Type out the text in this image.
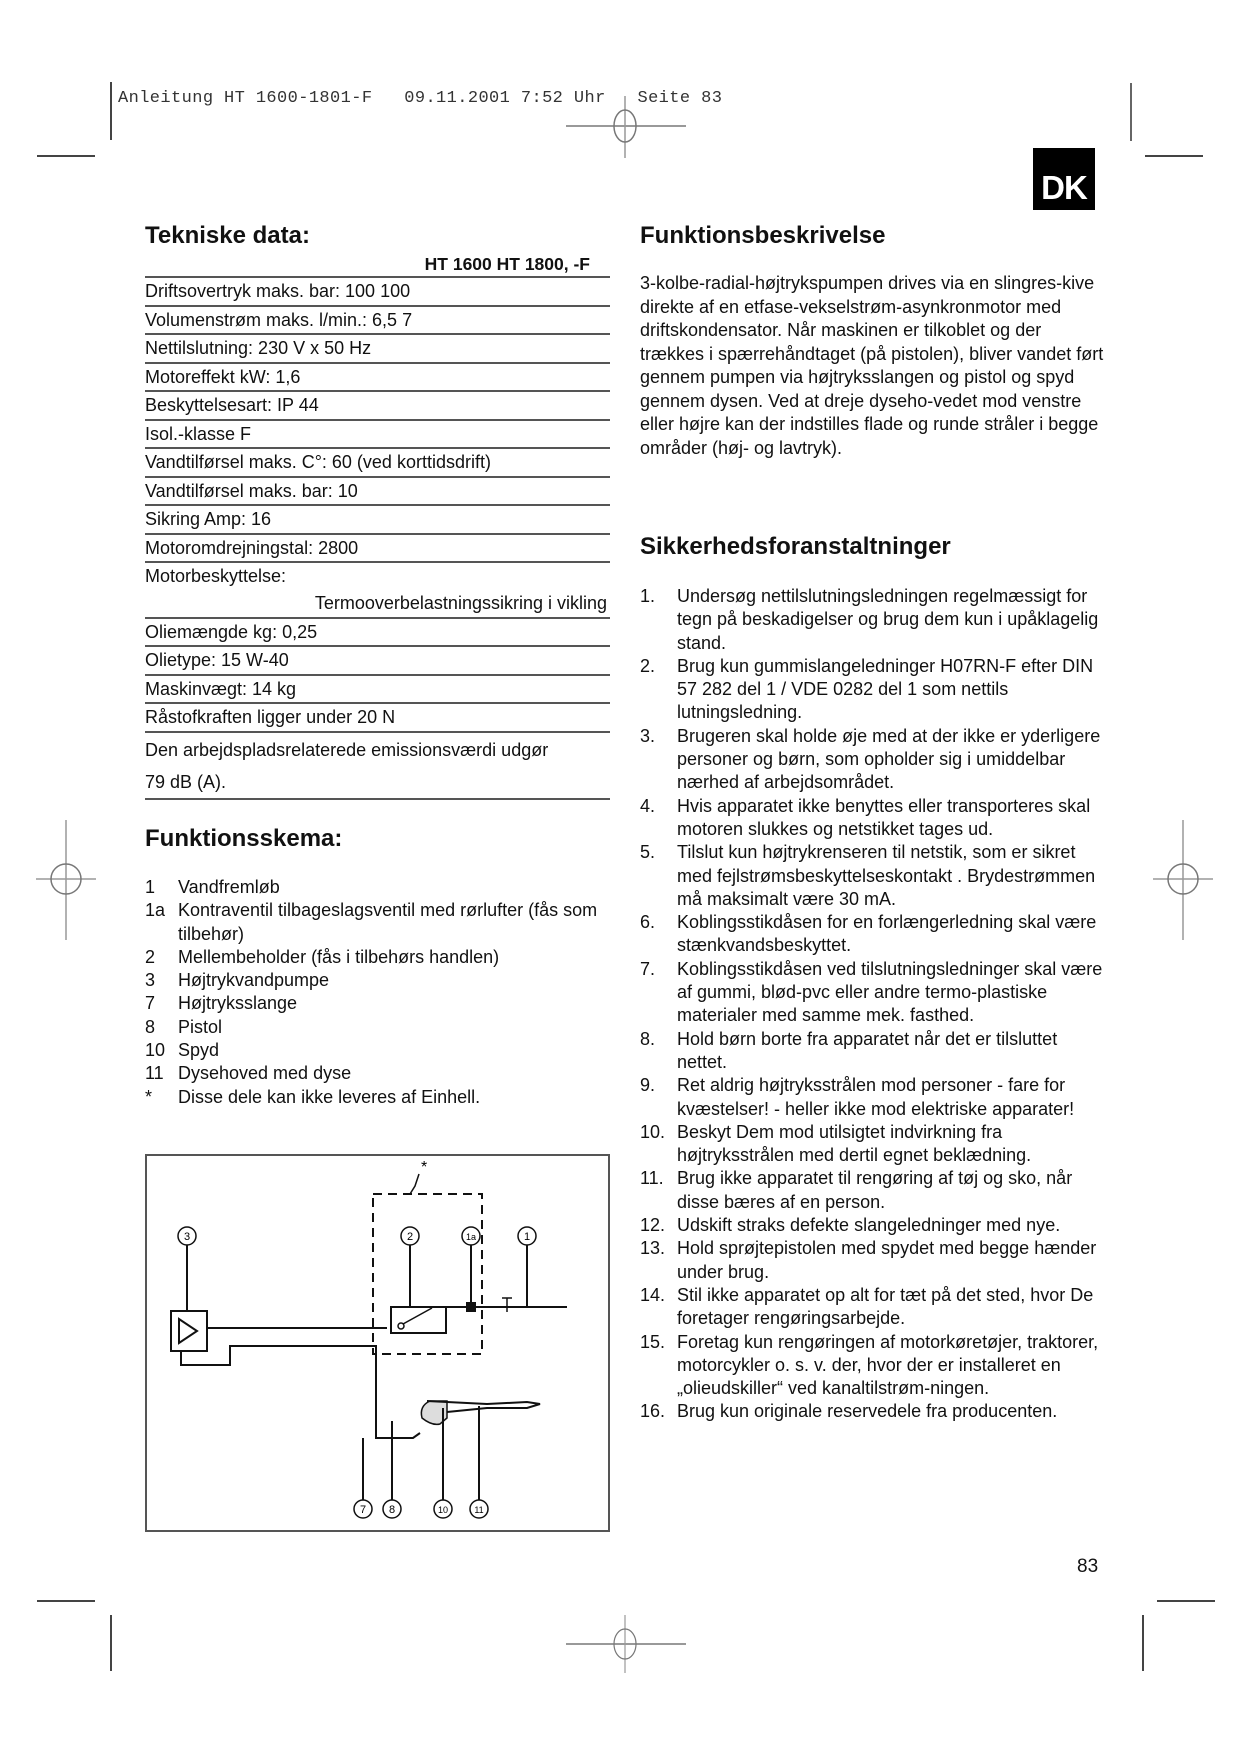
Anleitung HT 1600-1801-F   09.11.2001 7:52 Uhr   Seite 83
DK
Tekniske data:
HT 1600 HT 1800, -F
Driftsovertryk maks. bar: 100 100
Volumenstrøm maks. l/min.: 6,5 7
Nettilslutning: 230 V x 50 Hz
Motoreffekt kW: 1,6
Beskyttelsesart: IP 44
Isol.-klasse F
Vandtilførsel maks. C°: 60 (ved korttidsdrift)
Vandtilførsel maks. bar: 10
Sikring Amp: 16
Motoromdrejningstal: 2800
Motorbeskyttelse:
Termooverbelastningssikring i vikling
Oliemængde kg: 0,25
Olietype: 15 W-40
Maskinvægt: 14 kg
Råstofkraften ligger under 20 N
Den arbejdspladsrelaterede emissionsværdi udgør
79 dB (A).
Funktionsskema:
1	Vandfremløb
1a Kontraventil tilbageslagsventil med rørlufter (fås som tilbehør)
2	Mellembeholder (fås i tilbehørs handlen)
3	Højtrykvandpumpe
7	Højtryksslange
8	Pistol
10 Spyd
11 Dysehoved med dyse
*	Disse dele kan ikke leveres af Einhell.
3
*
2	1a	1
7 8	10	11
Funktionsbeskrivelse
3-kolbe-radial-højtrykspumpen drives via en slingres-kive direkte af en etfase-vekselstrøm-asynkronmotor med driftskondensator. Når maskinen er tilkoblet og der trækkes i spærrehåndtaget (på pistolen), bliver vandet ført gennem pumpen via højtryksslangen og pistol og spyd gennem dysen. Ved at dreje dyseho-vedet mod venstre eller højre kan der indstilles flade og runde stråler i begge områder (høj- og lavtryk).
Sikkerhedsforanstaltninger
1.	Undersøg nettilslutningsledningen regelmæssigt for tegn på beskadigelser og brug dem kun i upåklagelig stand.
2.	Brug kun gummislangeledninger H07RN-F efter DIN 57 282 del 1 / VDE 0282 del 1 som nettils lutningsledning.
3.	Brugeren skal holde øje med at der ikke er yderligere personer og børn, som opholder sig i umiddelbar nærhed af arbejdsområdet.
4.	Hvis apparatet ikke benyttes eller transporteres skal motoren slukkes og netstikket tages ud.
5.	Tilslut kun højtrykrenseren til netstik, som er sikret med fejlstrømsbeskyttelseskontakt . Brydestrømmen må maksimalt være 30 mA.
6.	Koblingsstikdåsen for en forlængerledning skal være stænkvandsbeskyttet.
7.	Koblingsstikdåsen ved tilslutningsledninger skal være af gummi, blød-pvc eller andre termo-plastiske materialer med samme mek. fasthed.
8.	Hold børn borte fra apparatet når det er tilsluttet nettet.
9.	Ret aldrig højtryksstrålen mod personer - fare for kvæstelser! - heller ikke mod elektriske apparater!
10. Beskyt Dem mod utilsigtet indvirkning fra højtryksstrålen med dertil egnet beklædning.
11. Brug ikke apparatet til rengøring af tøj og sko, når disse bæres af en person.
12. Udskift straks defekte slangeledninger med nye.
13. Hold sprøjtepistolen med spydet med begge hænder under brug.
14. Stil ikke apparatet op alt for tæt på det sted, hvor De foretager rengøringsarbejde.
15. Foretag kun rengøringen af motorkøretøjer, traktorer, motorcykler o. s. v. der, hvor der er installeret en „olieudskiller“ ved kanaltilstrøm-ningen.
16. Brug kun originale reservedele fra producenten.
83
